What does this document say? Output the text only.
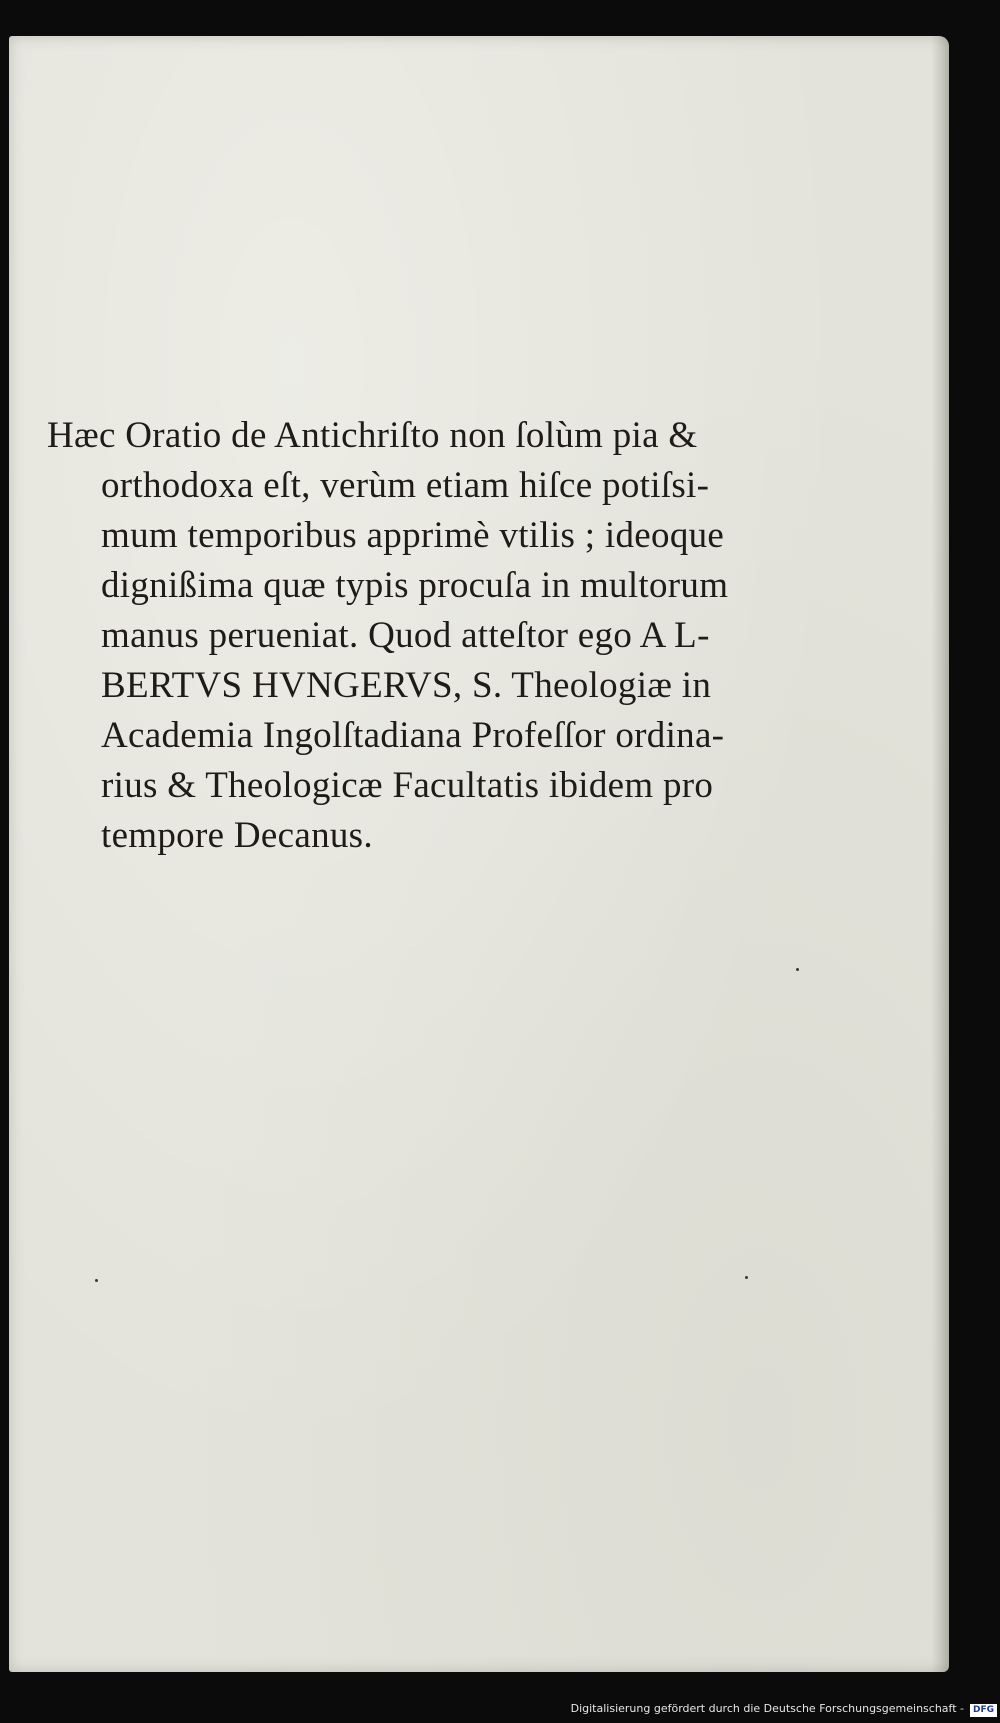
Hæc Oratio de Antichriſto non ſolùm pia &

orthodoxa eſt, verùm etiam hiſce potiſsi-

mum temporibus apprimè vtilis ; ideoque

dignißima quæ typis procuſa in multorum

manus perueniat. Quod atteſtor ego A L-

BERTVS HVNGERVS, S. Theologiæ in

Academia Ingolſtadiana Profeſſor ordina-

rius & Theologicæ Facultatis ibidem pro

tempore Decanus.

Digitalisierung gefördert durch die Deutsche Forschungsgemeinschaft - DFG
